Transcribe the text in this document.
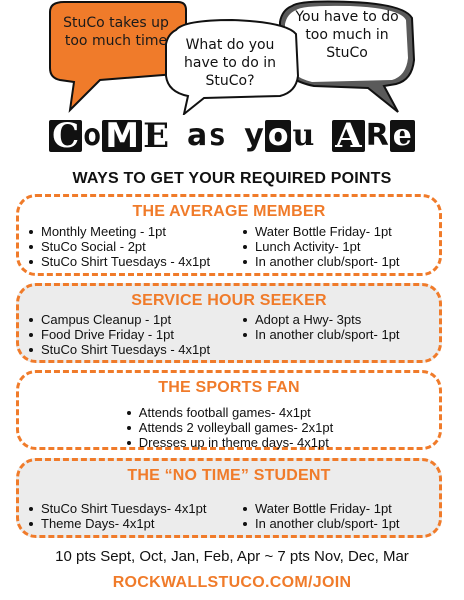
StuCo takes up too much time	What do you have to do in StuCo?
You have to do too much in StuCo
C o M E a s y o u A R e
WAYS TO GET YOUR REQUIRED POINTS
THE AVERAGE MEMBER
Monthly Meeting - 1pt
StuCo Social - 2pt
StuCo Shirt Tuesdays - 4x1pt
Water Bottle Friday- 1pt
Lunch Activity- 1pt
In another club/sport- 1pt
SERVICE HOUR SEEKER
Campus Cleanup - 1pt
Food Drive Friday - 1pt
StuCo Shirt Tuesdays - 4x1pt
Adopt a Hwy- 3pts
In another club/sport- 1pt
THE SPORTS FAN
Attends football games- 4x1pt
Attends 2 volleyball games- 2x1pt
Dresses up in theme days- 4x1pt
THE “NO TIME” STUDENT
StuCo Shirt Tuesdays- 4x1pt
Theme Days- 4x1pt
Water Bottle Friday- 1pt
In another club/sport- 1pt
10 pts Sept, Oct, Jan, Feb, Apr ~ 7 pts Nov, Dec, Mar
ROCKWALLSTUCO.COM/JOIN
